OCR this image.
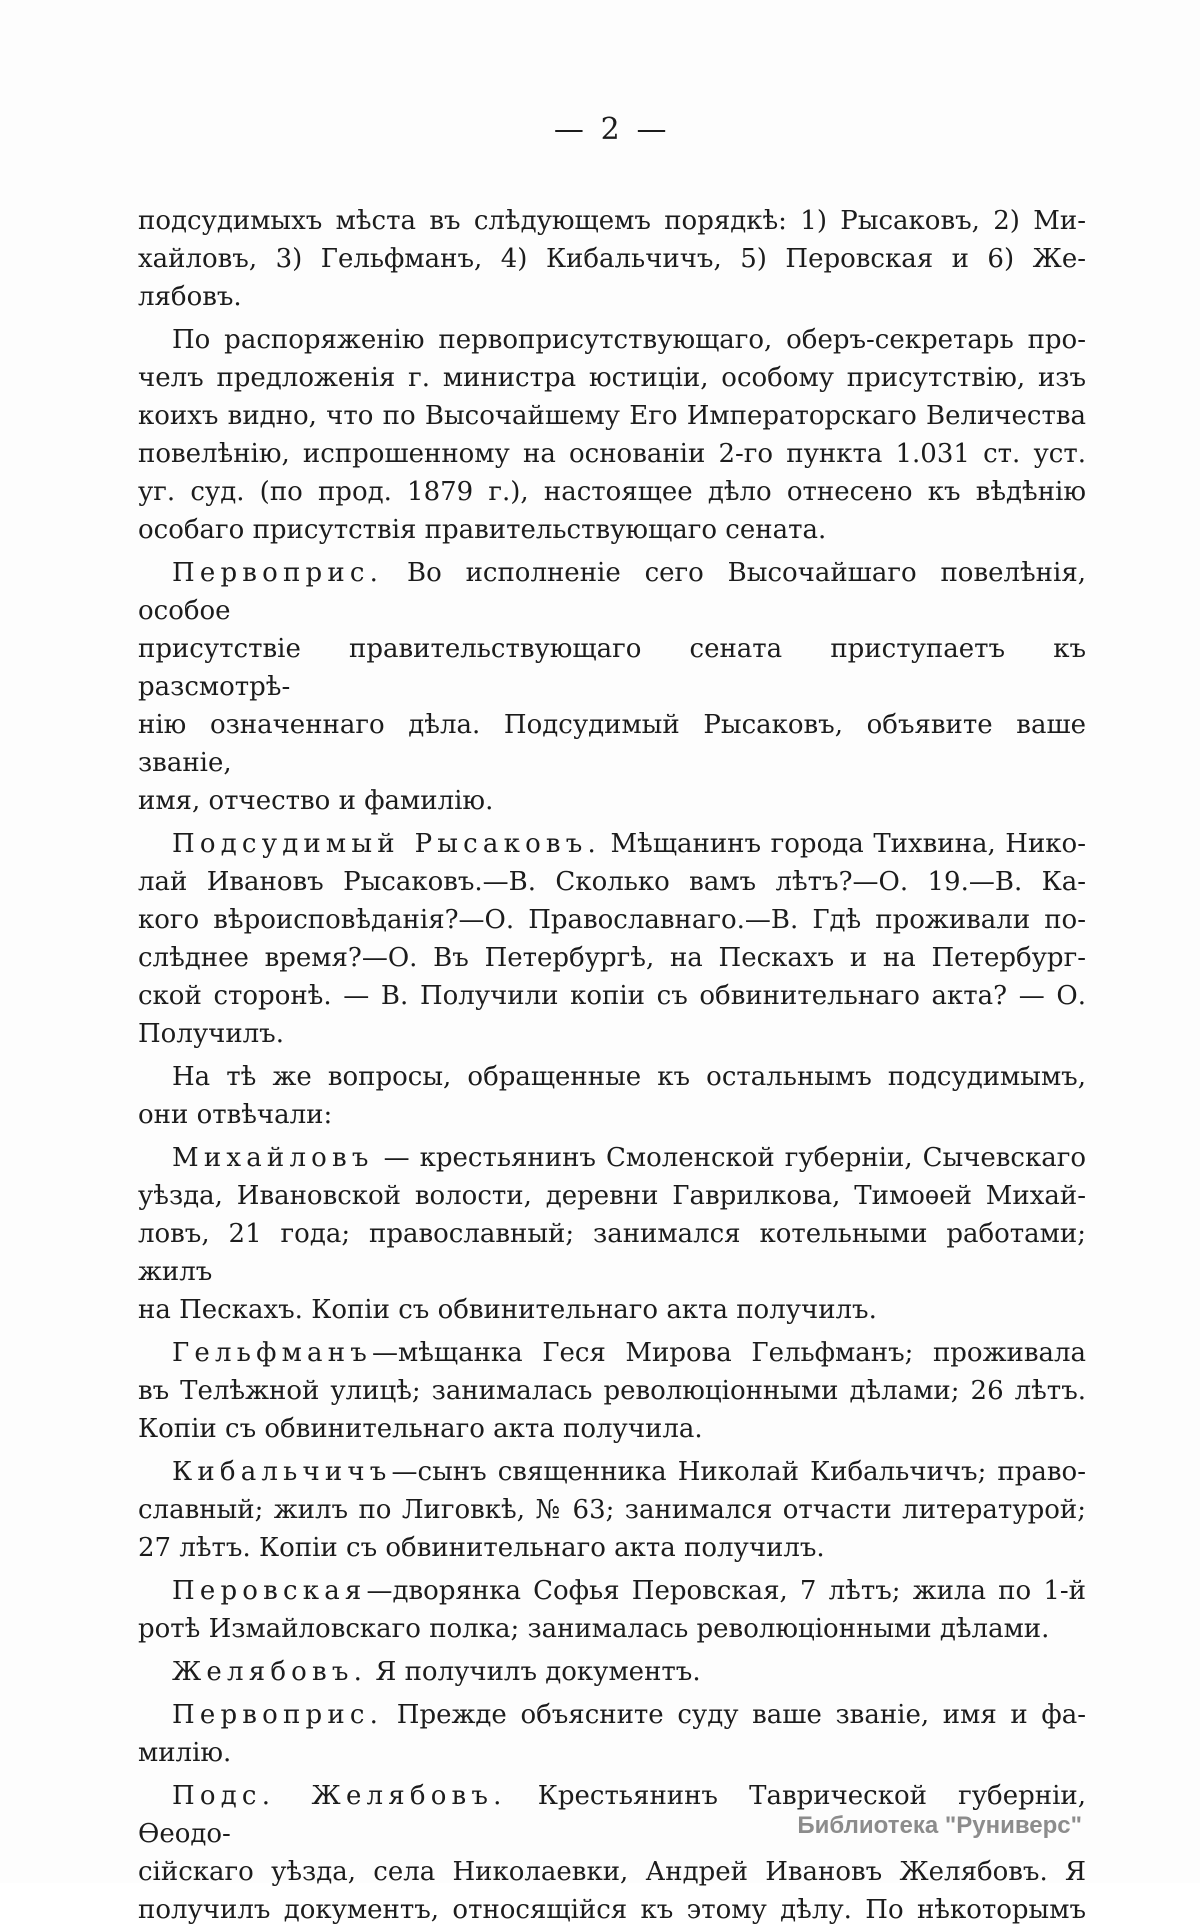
— 2 —

подсудимыхъ мѣста въ слѣдующемъ порядкѣ: 1) Рысаковъ, 2) Ми-
хайловъ, 3) Гельфманъ, 4) Кибальчичъ, 5) Перовская и 6) Же-
лябовъ.

По распоряженію первоприсутствующаго, оберъ-секретарь про-
челъ предложенія г. министра юстиціи, особому присутствію, изъ
коихъ видно, что по Высочайшему Его Императорскаго Величества
повелѣнію, испрошенному на основаніи 2-го пункта 1.031 ст. уст.
уг. суд. (по прод. 1879 г.), настоящее дѣло отнесено къ вѣдѣнію
особаго присутствія правительствующаго сената.

Первоприс. Во исполненіе сего Высочайшаго повелѣнія, особое
присутствіе правительствующаго сената приступаетъ къ разсмотрѣ-
нію означеннаго дѣла. Подсудимый Рысаковъ, объявите ваше званіе,
имя, отчество и фамилію.

Подсудимый Рысаковъ. Мѣщанинъ города Тихвина, Нико-
лай Ивановъ Рысаковъ.—В. Сколько вамъ лѣтъ?—О. 19.—В. Ка-
кого вѣроисповѣданія?—О. Православнаго.—В. Гдѣ проживали по-
слѣднее время?—О. Въ Петербургѣ, на Пескахъ и на Петербург-
ской сторонѣ. — В. Получили копіи съ обвинительнаго акта? — О.
Получилъ.

На тѣ же вопросы, обращенные къ остальнымъ подсудимымъ,
они отвѣчали:

Михайловъ — крестьянинъ Смоленской губерніи, Сычевскаго
уѣзда, Ивановской волости, деревни Гаврилкова, Тимоѳей Михай-
ловъ, 21 года; православный; занимался котельными работами; жилъ
на Пескахъ. Копіи съ обвинительнаго акта получилъ.

Гельфманъ—мѣщанка Геся Мирова Гельфманъ; проживала
въ Телѣжной улицѣ; занималась революціонными дѣлами; 26 лѣтъ.
Копіи съ обвинительнаго акта получила.

Кибальчичъ—сынъ священника Николай Кибальчичъ; право-
славный; жилъ по Лиговкѣ, № 63; занимался отчасти литературой;
27 лѣтъ. Копіи съ обвинительнаго акта получилъ.

Перовская—дворянка Софья Перовская, 7 лѣтъ; жила по 1-й
ротѣ Измайловскаго полка; занималась революціонными дѣлами.

Желябовъ. Я получилъ документъ.

Первоприс. Прежде объясните суду ваше званіе, имя и фа-
милію.

Подс. Желябовъ. Крестьянинъ Таврической губерніи, Ѳеодо-
сійскаго уѣзда, села Николаевки, Андрей Ивановъ Желябовъ. Я
получилъ документъ, относящійся къ этому дѣлу. По нѣкоторымъ

Библиотека "Руниверс"
